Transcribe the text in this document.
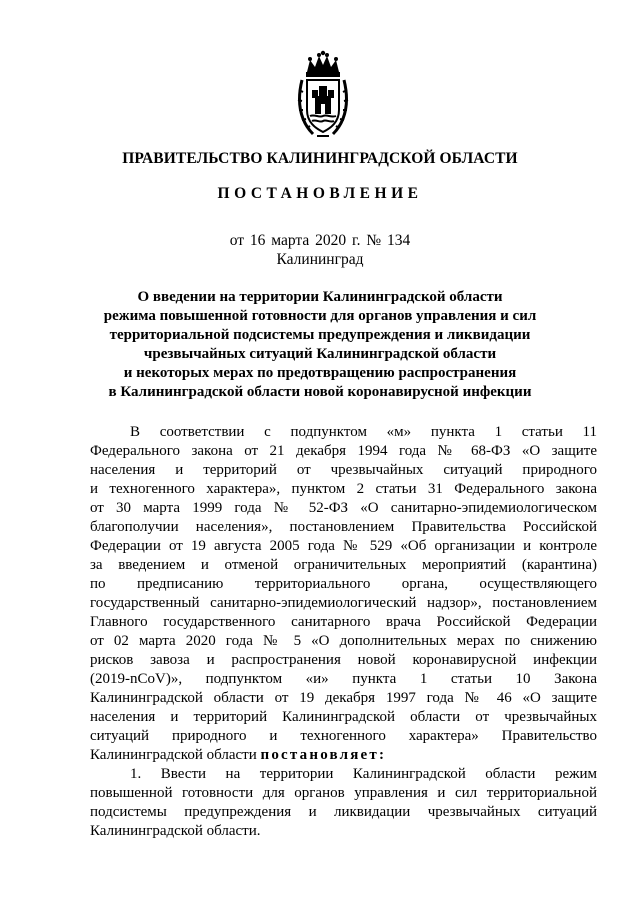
ПРАВИТЕЛЬСТВО КАЛИНИНГРАДСКОЙ ОБЛАСТИ
ПОСТАНОВЛЕНИЕ
от 16 марта 2020 г. № 134
Калининград
О введении на территории Калининградской области
режима повышенной готовности для органов управления и сил
территориальной подсистемы предупреждения и ликвидации
чрезвычайных ситуаций Калининградской области
и некоторых мерах по предотвращению распространения
в Калининградской области новой коронавирусной инфекции
В соответствии с подпунктом «м» пункта 1 статьи 11
Федерального закона от 21 декабря 1994 года № 68-ФЗ «О защите
населения и территорий от чрезвычайных ситуаций природного
и техногенного характера», пунктом 2 статьи 31 Федерального закона
от 30 марта 1999 года № 52-ФЗ «О санитарно-эпидемиологическом
благополучии населения», постановлением Правительства Российской
Федерации от 19 августа 2005 года № 529 «Об организации и контроле
за введением и отменой ограничительных мероприятий (карантина)
по предписанию территориального органа, осуществляющего
государственный санитарно-эпидемиологический надзор», постановлением
Главного государственного санитарного врача Российской Федерации
от 02 марта 2020 года № 5 «О дополнительных мерах по снижению
рисков завоза и распространения новой коронавирусной инфекции
(2019-nCoV)», подпунктом «и» пункта 1 статьи 10 Закона
Калининградской области от 19 декабря 1997 года № 46 «О защите
населения и территорий Калининградской области от чрезвычайных
ситуаций природного и техногенного характера» Правительство
Калининградской области постановляет:
1. Ввести на территории Калининградской области режим
повышенной готовности для органов управления и сил территориальной
подсистемы предупреждения и ликвидации чрезвычайных ситуаций
Калининградской области.
